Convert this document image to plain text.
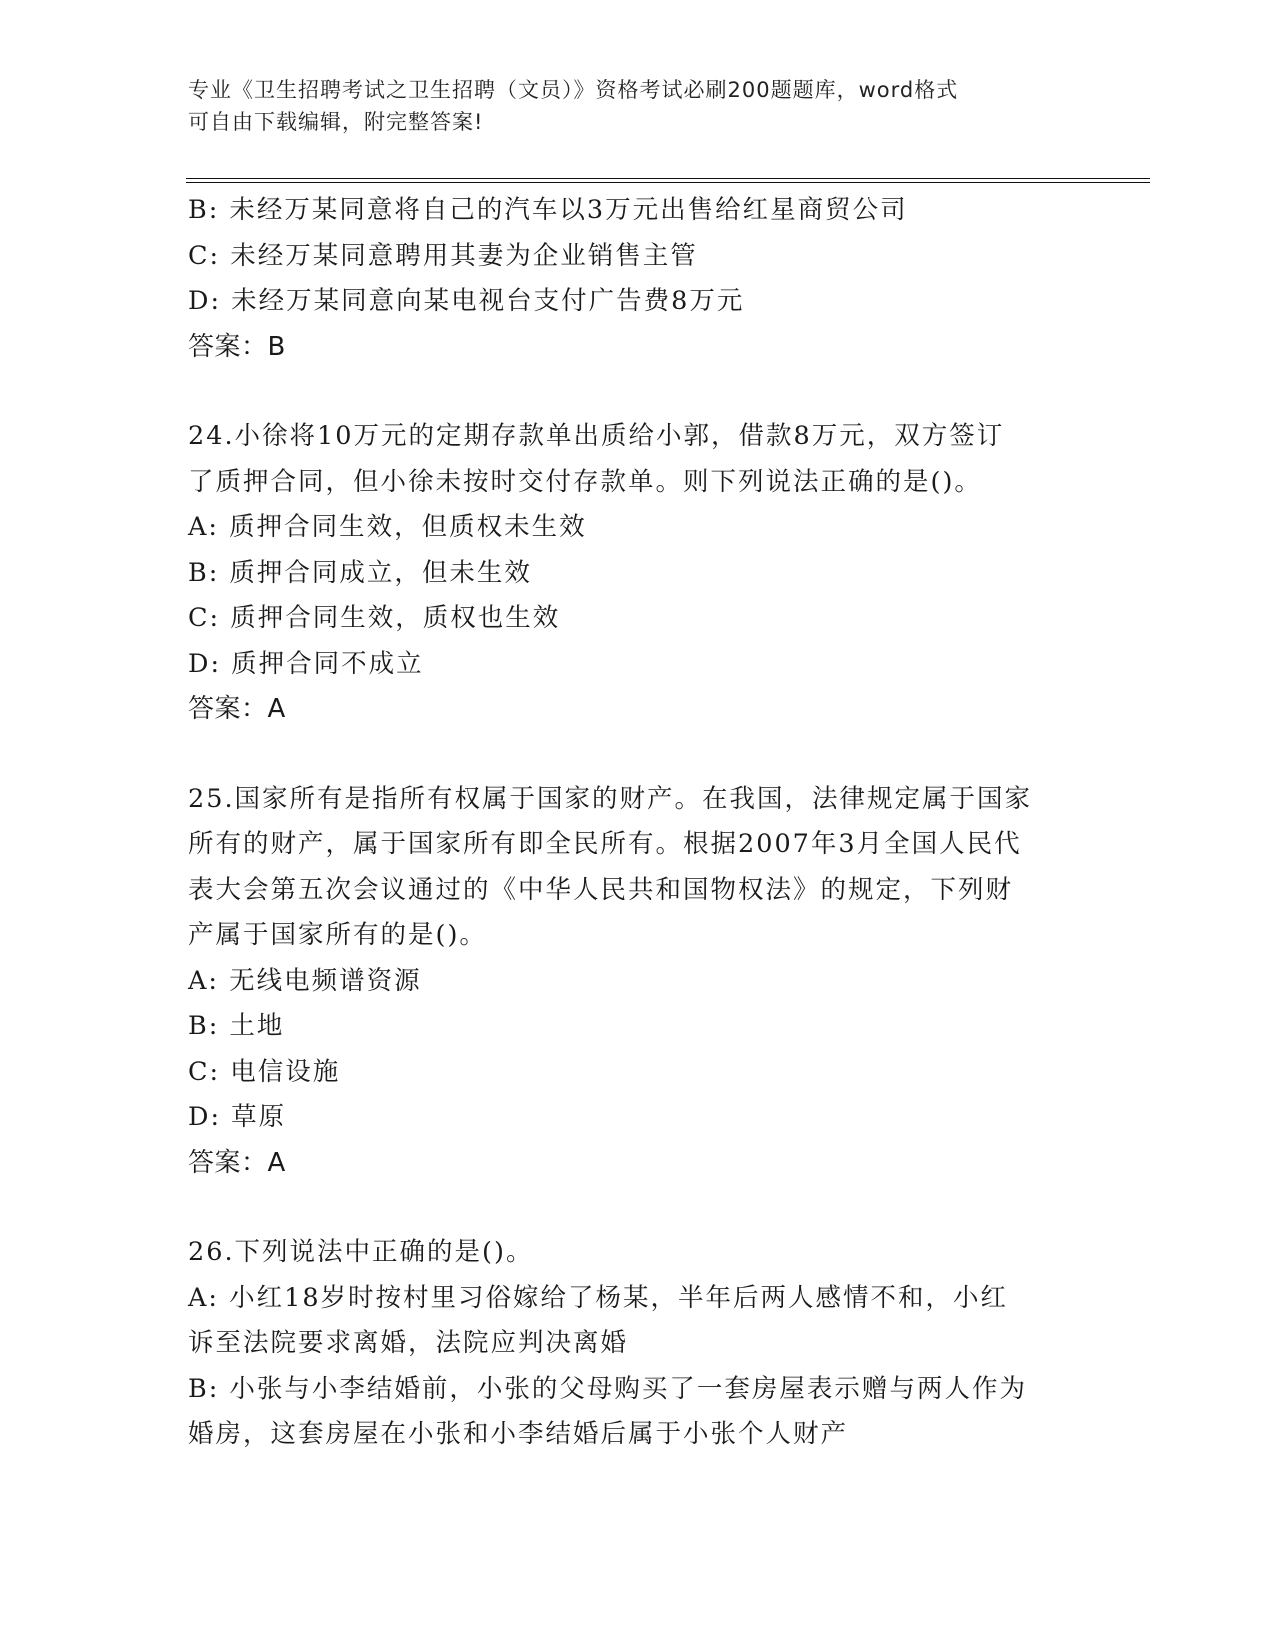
专业《卫生招聘考试之卫生招聘（文员）》资格考试必刷200题题库，word格式
可自由下载编辑，附完整答案!
B: 未经万某同意将自己的汽车以3万元出售给红星商贸公司
C: 未经万某同意聘用其妻为企业销售主管
D: 未经万某同意向某电视台支付广告费8万元
答案：B
24.小徐将10万元的定期存款单出质给小郭，借款8万元，双方签订
了质押合同，但小徐未按时交付存款单。则下列说法正确的是()。
A: 质押合同生效，但质权未生效
B: 质押合同成立，但未生效
C: 质押合同生效，质权也生效
D: 质押合同不成立
答案：A
25.国家所有是指所有权属于国家的财产。在我国，法律规定属于国家
所有的财产，属于国家所有即全民所有。根据2007年3月全国人民代
表大会第五次会议通过的《中华人民共和国物权法》的规定，下列财
产属于国家所有的是()。
A: 无线电频谱资源
B: 土地
C: 电信设施
D: 草原
答案：A
26.下列说法中正确的是()。
A: 小红18岁时按村里习俗嫁给了杨某，半年后两人感情不和，小红
诉至法院要求离婚，法院应判决离婚
B: 小张与小李结婚前，小张的父母购买了一套房屋表示赠与两人作为
婚房，这套房屋在小张和小李结婚后属于小张个人财产
